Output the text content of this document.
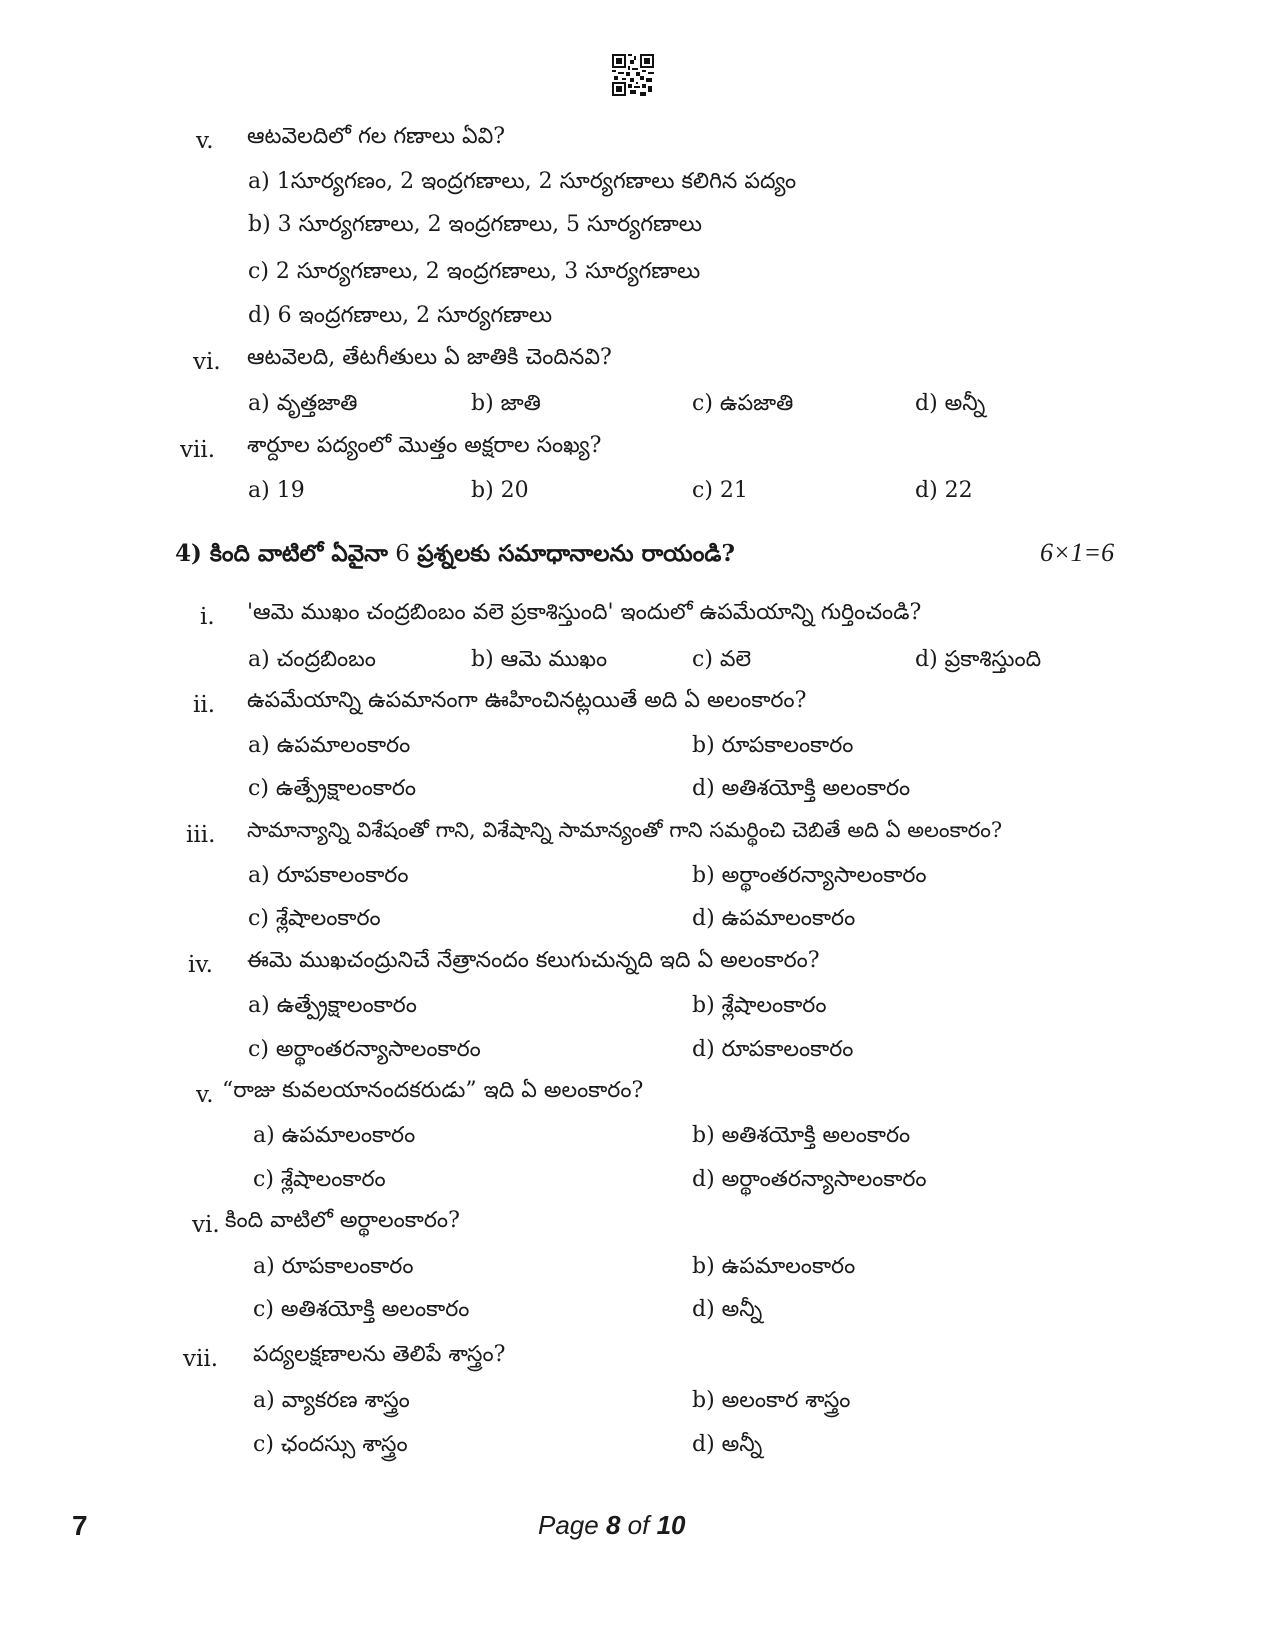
v. ఆటవెలదిలో గల గణాలు ఏవి?
a) 1సూర్యగణం, 2 ఇంద్రగణాలు, 2 సూర్యగణాలు కలిగిన పద్యం
b) 3 సూర్యగణాలు, 2 ఇంద్రగణాలు, 5 సూర్యగణాలు
c) 2 సూర్యగణాలు, 2 ఇంద్రగణాలు, 3 సూర్యగణాలు
d) 6 ఇంద్రగణాలు, 2 సూర్యగణాలు
vi. ఆటవెలది, తేటగీతులు ఏ జాతికి చెందినవి?
a) వృత్తజాతి	b) జాతి	c) ఉపజాతి	d) అన్నీ
vii. శార్దూల పద్యంలో మొత్తం అక్షరాల సంఖ్య?
a) 19	b) 20	c) 21	d) 22
4) కింది వాటిలో ఏవైనా 6 ప్రశ్నలకు సమాధానాలను రాయండి?	6×1=6
i. 'ఆమె ముఖం చంద్రబింబం వలె ప్రకాశిస్తుంది' ఇందులో ఉపమేయాన్ని గుర్తించండి?
a) చంద్రబింబం	b) ఆమె ముఖం	c) వలె	d) ప్రకాశిస్తుంది
ii. ఉపమేయాన్ని ఉపమానంగా ఊహించినట్లయితే అది ఏ అలంకారం?
a) ఉపమాలంకారం	b) రూపకాలంకారం
c) ఉత్ప్రేక్షాలంకారం	d) అతిశయోక్తి అలంకారం
iii. సామాన్యాన్ని విశేషంతో గాని, విశేషాన్ని సామాన్యంతో గాని సమర్థించి చెబితే అది ఏ అలంకారం?
a) రూపకాలంకారం	b) అర్థాంతరన్యాసాలంకారం
c) శ్లేషాలంకారం	d) ఉపమాలంకారం
iv. ఈమె ముఖచంద్రునిచే నేత్రానందం కలుగుచున్నది ఇది ఏ అలంకారం?
a) ఉత్ప్రేక్షాలంకారం	b) శ్లేషాలంకారం
c) అర్థాంతరన్యాసాలంకారం	d) రూపకాలంకారం
v. “రాజు కువలయానందకరుడు” ఇది ఏ అలంకారం?
a) ఉపమాలంకారం	b) అతిశయోక్తి అలంకారం
c) శ్లేషాలంకారం	d) అర్థాంతరన్యాసాలంకారం
vi. కింది వాటిలో అర్థాలంకారం?
a) రూపకాలంకారం	b) ఉపమాలంకారం
c) అతిశయోక్తి అలంకారం	d) అన్నీ
vii. పద్యలక్షణాలను తెలిపే శాస్త్రం?
a) వ్యాకరణ శాస్త్రం	b) అలంకార శాస్త్రం
c) ఛందస్సు శాస్త్రం	d) అన్నీ
7	Page 8 of 10
